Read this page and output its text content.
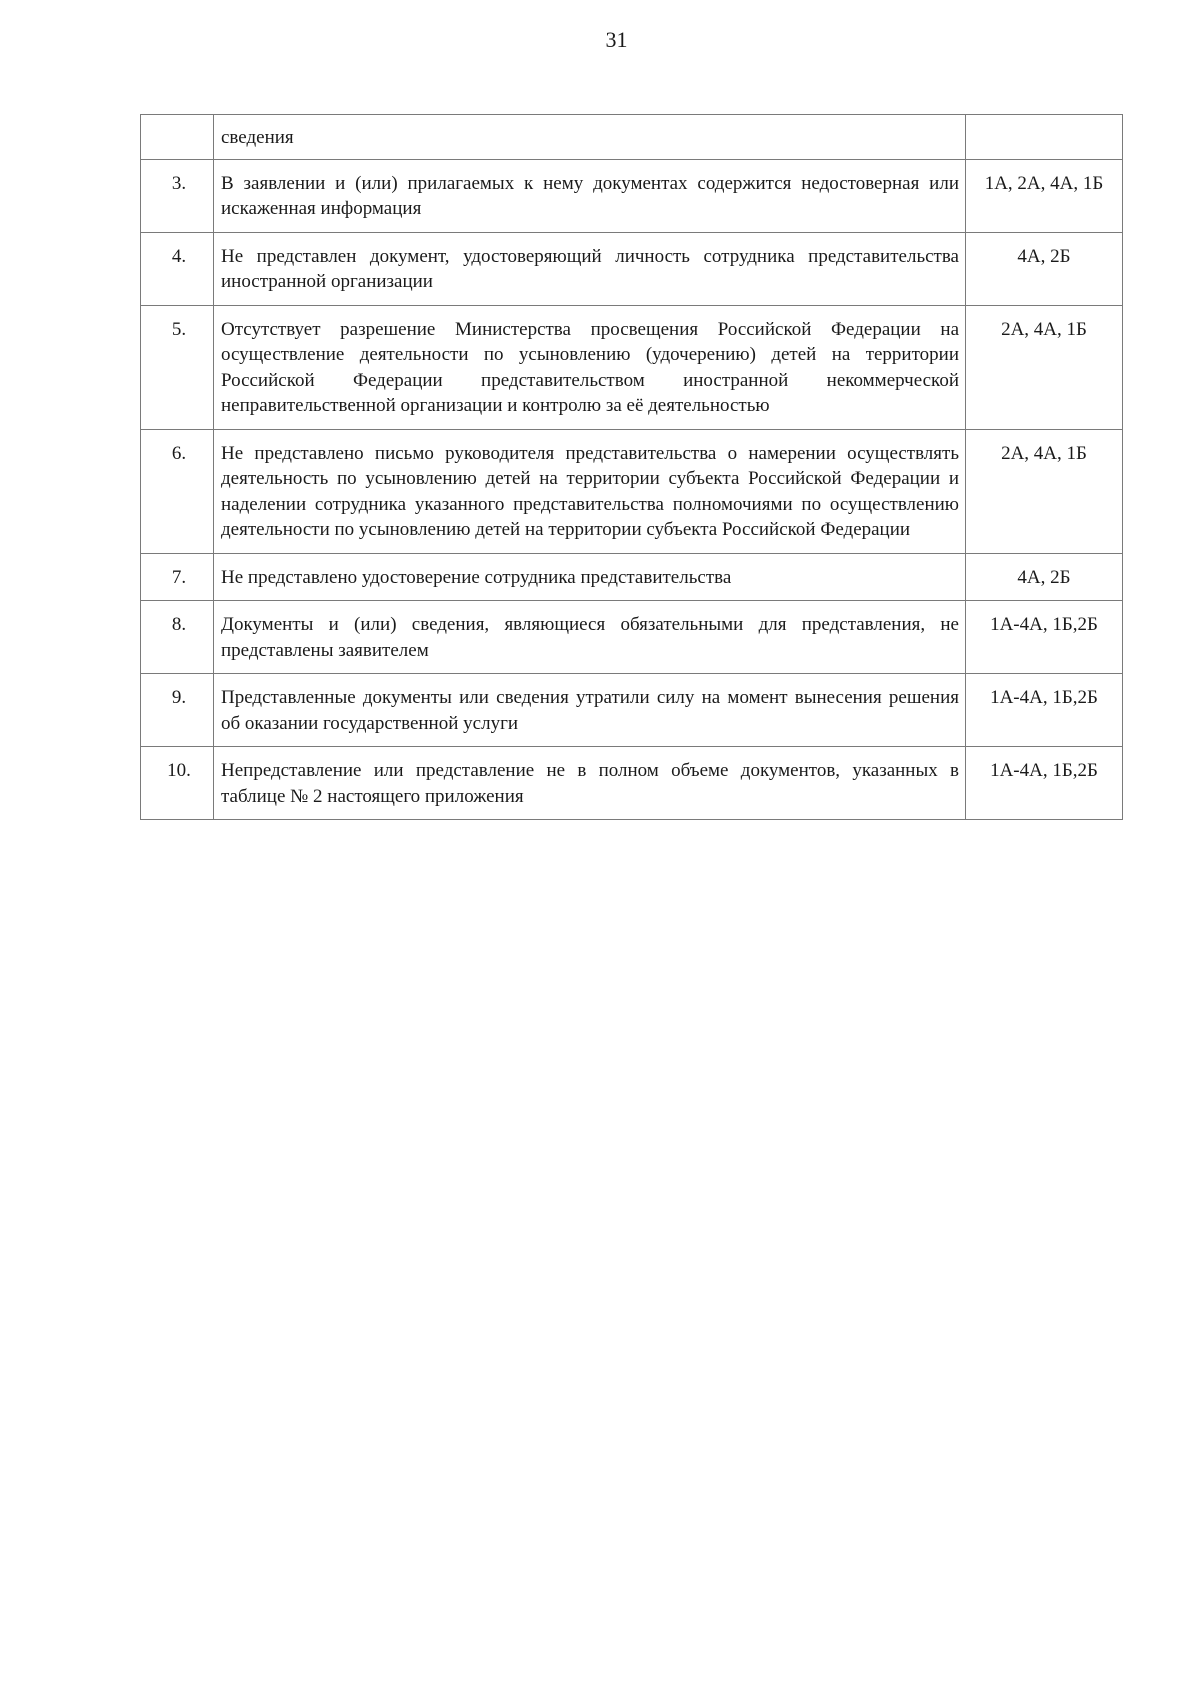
31
	сведения	
3.	В заявлении и (или) прилагаемых к нему документах содержится недостоверная или искаженная информация	1А, 2А, 4А, 1Б
4.	Не представлен документ, удостоверяющий личность сотрудника представительства иностранной организации	4А, 2Б
5.	Отсутствует разрешение Министерства просвещения Российской Федерации на осуществление деятельности по усыновлению (удочерению) детей на территории Российской Федерации представительством иностранной некоммерческой неправительственной организации и контролю за её деятельностью	2А, 4А, 1Б
6.	Не представлено письмо руководителя представительства о намерении осуществлять деятельность по усыновлению детей на территории субъекта Российской Федерации и наделении сотрудника указанного представительства полномочиями по осуществлению деятельности по усыновлению детей на территории субъекта Российской Федерации	2А, 4А, 1Б
7.	Не представлено удостоверение сотрудника представительства	4А, 2Б
8.	Документы и (или) сведения, являющиеся обязательными для представления, не представлены заявителем	1А-4А, 1Б,2Б
9.	Представленные документы или сведения утратили силу на момент вынесения решения об оказании государственной услуги	1А-4А, 1Б,2Б
10.	Непредставление или представление не в полном объеме документов, указанных в таблице № 2 настоящего приложения	1А-4А, 1Б,2Б
